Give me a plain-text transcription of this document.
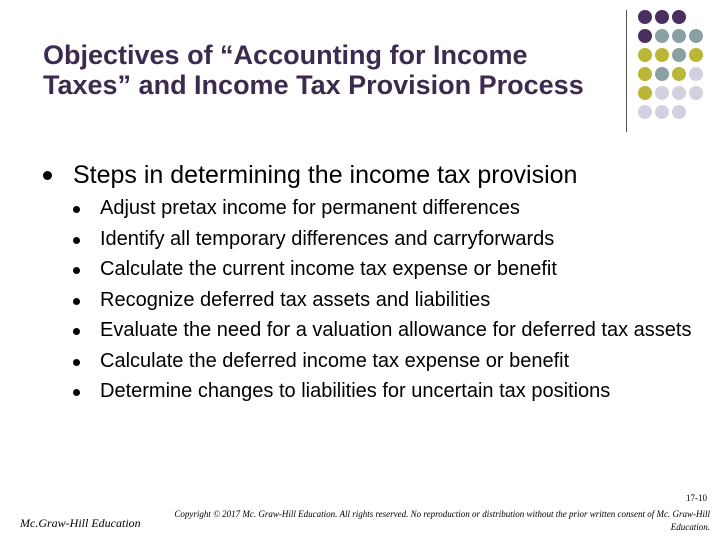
Objectives of “Accounting for Income Taxes” and Income Tax Provision Process
Steps in determining the income tax provision
Adjust pretax income for permanent differences
Identify all temporary differences and carryforwards
Calculate the current income tax expense or benefit
Recognize deferred tax assets and liabilities
Evaluate the need for a valuation allowance for deferred tax assets
Calculate the deferred income tax expense or benefit
Determine changes to liabilities for uncertain tax positions
Mc.Graw-Hill Education
17-10
Copyright © 2017 Mc. Graw-Hill Education. All rights reserved. No reproduction or distribution without the prior written consent of Mc. Graw-Hill Education.
